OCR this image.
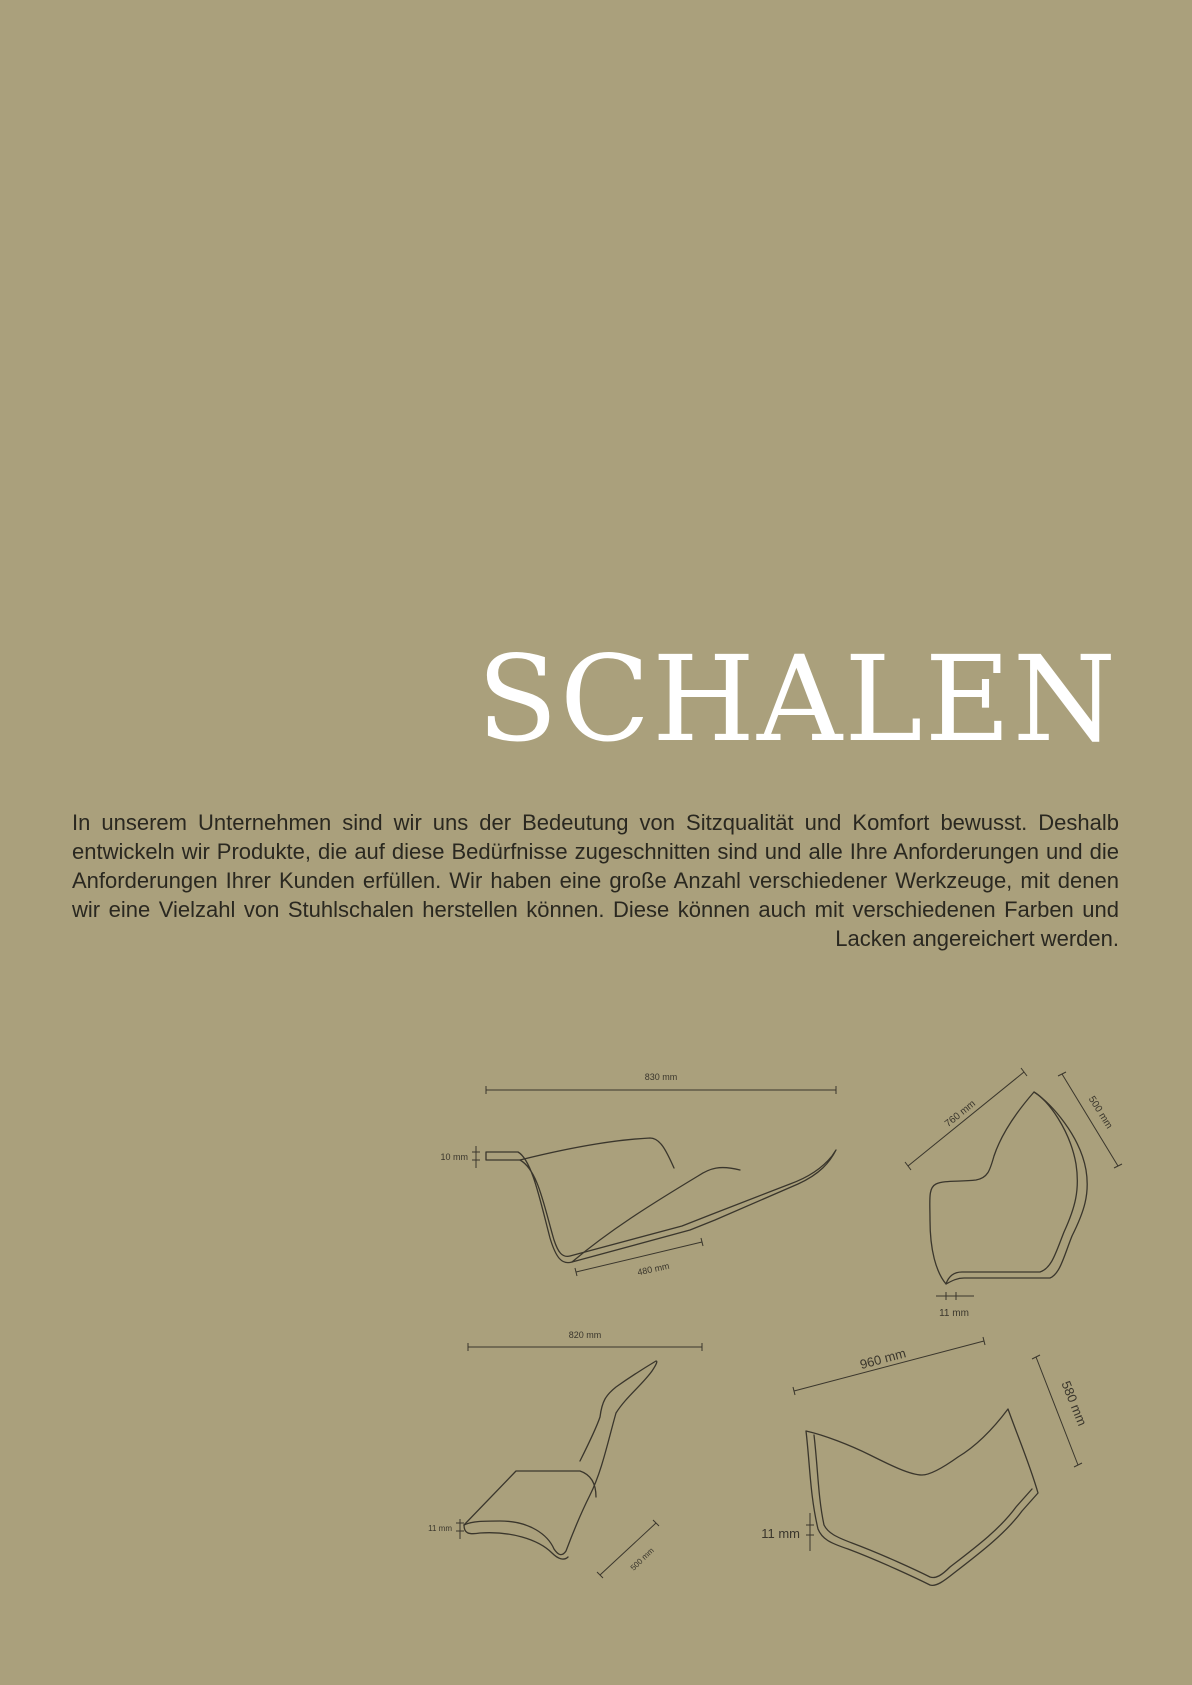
SCHALEN

In unserem Unternehmen sind wir uns der Bedeutung von Sitzqualität und Komfort bewusst. Deshalb entwickeln wir Produkte, die auf diese Bedürfnisse zugeschnitten sind und alle Ihre Anforderungen und die Anforderungen Ihrer Kunden erfüllen. Wir haben eine große Anzahl verschiedener Werkzeuge, mit denen wir eine Vielzahl von Stuhlschalen herstellen können. Diese können auch mit verschiedenen Farben und Lacken angereichert werden.

830 mm
10 mm
480 mm
760 mm	500 mm
11 mm
820 mm
11 mm
500 mm
960 mm
580 mm
11 mm
